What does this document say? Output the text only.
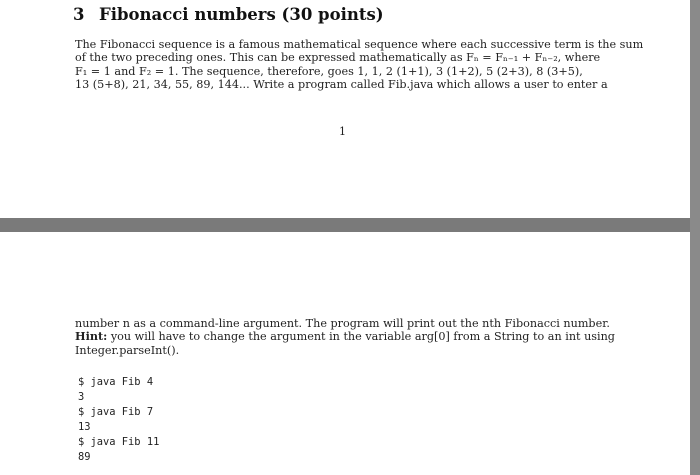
3 Fibonacci numbers (30 points)

The Fibonacci sequence is a famous mathematical sequence where each successive term is the sum
of the two preceding ones. This can be expressed mathematically as Fₙ = Fₙ₋₁ + Fₙ₋₂, where
F₁ = 1 and F₂ = 1. The sequence, therefore, goes 1, 1, 2 (1+1), 3 (1+2), 5 (2+3), 8 (3+5),
13 (5+8), 21, 34, 55, 89, 144... Write a program called Fib.java which allows a user to enter a

1

number n as a command-line argument. The program will print out the nth Fibonacci number.
Hint: you will have to change the argument in the variable arg[0] from a String to an int using
Integer.parseInt().

$ java Fib 4
3
$ java Fib 7
13
$ java Fib 11
89
